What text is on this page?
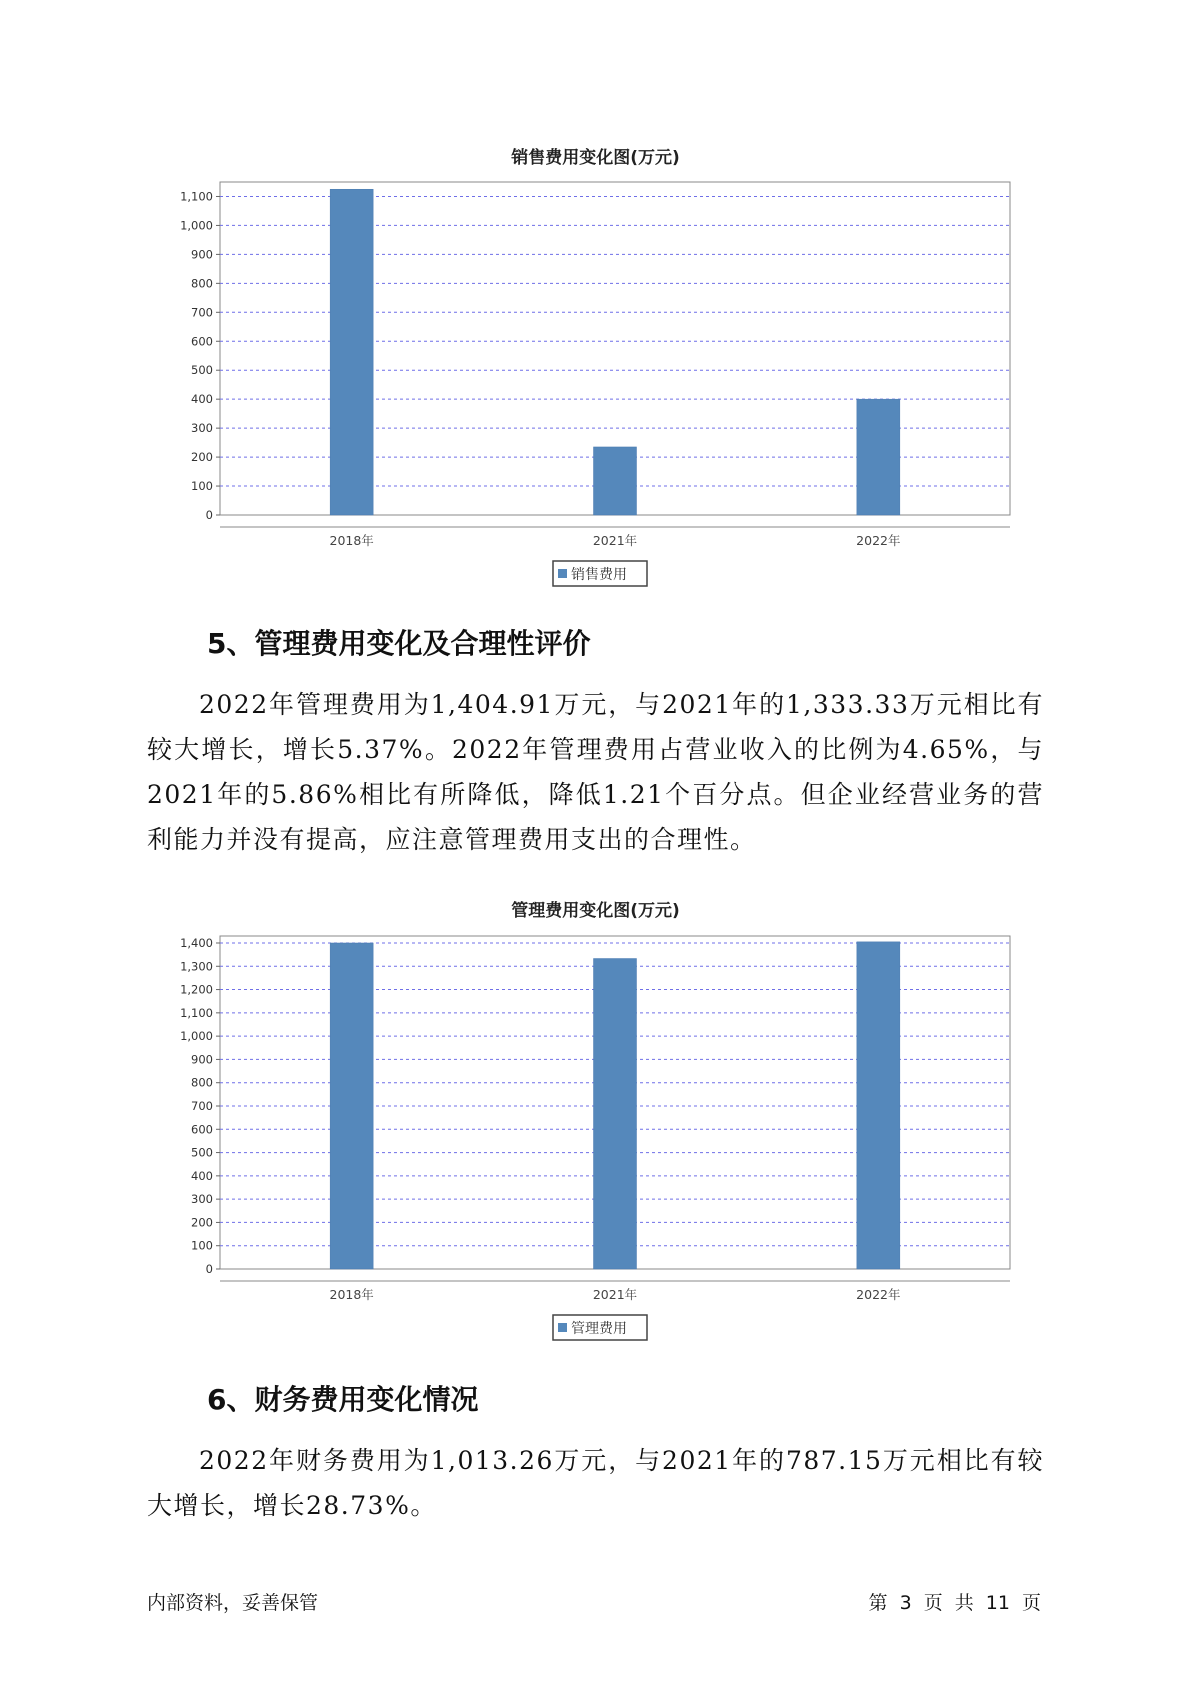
销售费用变化图(万元)
0
100
200
300
400
500
600
700
800
900
1,000
1,100
2018年	2021年	2022年
销售费用
5、管理费用变化及合理性评价

2022年管理费用为1,404.91万元，与2021年的1,333.33万元相比有较大增长，增长5.37%。2022年管理费用占营业收入的比例为4.65%，与2021年的5.86%相比有所降低，降低1.21个百分点。但企业经营业务的营利能力并没有提高，应注意管理费用支出的合理性。

管理费用变化图(万元)
0
100
200
300
400
500
600
700
800
900
1,000
1,100
1,200
1,300
1,400
2018年	2021年	2022年
管理费用
6、财务费用变化情况

2022年财务费用为1,013.26万元，与2021年的787.15万元相比有较大增长，增长28.73%。

内部资料，妥善保管	第 3 页 共 11 页
